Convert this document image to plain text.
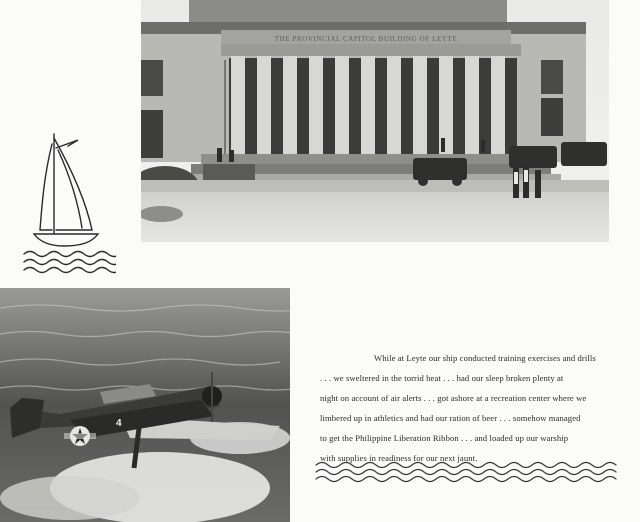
THE PROVINCIAL CAPITOL BUILDING OF LEYTE
4
While at Leyte our ship conducted training exercises and drills
. . . we sweltered in the torrid heat . . . had our sleep broken plenty at
night on account of air alerts . . . got ashore at a recreation center where we
limbered up in athletics and had our ration of beer . . . somehow managed
to get the Philippine Liberation Ribbon . . . and loaded up our warship
with supplies in readiness for our next jaunt.
